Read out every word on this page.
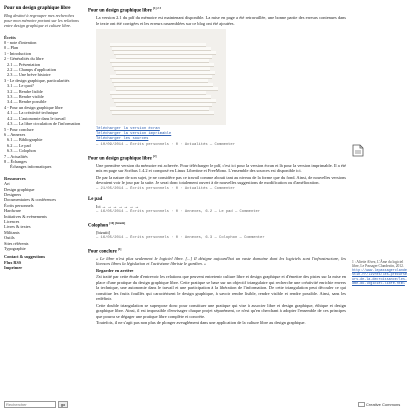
Pour un design graphique libre
Blog destiné à regrouper mes recherches pour mon mémoire portant sur les relations entre design graphique et culture libre.
Écrits
0 - note d'intention
0 – Plan
1 - Introduction
2 - Généralités du libre
2.1 — Présentation
2.2 — Champs d'application
2.3 — Une brève histoire
3 - Le design graphique, particularités
3.1 — Le quoi?
3.2 — Rendre lisible
3.3 — Rendre visible
3.4 — Rendre possible
4 - Pour un design graphique libre
4.1 — La créativité technique
4.2 — L'autonomie dans le travail
4.3 — La libre circulation de l'information
5 - Pour conclure
6 – Annexes
6.1 — Bibliographie
6.2 — Le pad
6.3 — Colophon
7 – Actualités
8 – Échanges
Échanges informatiques
Ressources
Art
Design graphique
Designers
Documentaires & conférences
Écrits personnels
Hardware
Initiatives & evènements
Licences
Livres & textes
Militants
Outils
Sites référents
Typographie
Contact & suggestions
Flux RSS
Imprimer
Rechercher
go
Pour un design graphique libre $^{[1] 2 3}$

La version 2.1 du pdf du mémoire est maintenant disponible. La mise en page a été retravaillée, une bonne partie des erreurs contenues dans le texte ont été corrigées et les erreurs rassemblées sur ce blog ont été ajoutées.

Télécharger la version écran
Télécharger la version imprimable
Télécharger les sources
— 10/09/2014 — Écrits personnels · 0 · Actualités — Commenter
Pour un design graphique libre [2]

Une première version du mémoire est achevée. Pour télécharger le pdf, c'est ici pour la version écran et là pour la version imprimable. Il a été mis en page sur Scribus 1.4.2 et composé en Linux Libertine et FreeMono. L'ensemble des sources est disponible ici.

De par la nature de son sujet, je ne considère pas ce travail comme abouti tant au niveau de la forme que du fond. Ainsi, de nouvelles versions devraient voir le jour par la suite. Je serai donc totalement ouvert à de nouvelles suggestions de modification ou d'amélioration.

— 21/05/2014 — Écrits personnels · 0 · Actualités — Commenter
Le pad

Ici → → → → → → →

— 16/05/2014 — Écrits personnels · 0 · Annexes, 6.2 — Le pad — Commenter
Colophon [10] [bizutit]

[bizutit]

— 16/05/2014 — Écrits personnels · 0 · Annexes, 6.3 — Colophon — Commenter
Pour conclure [1]

« Le libre n'est plus seulement le logiciel libre. [...] Il désigne aujourd'hui un vaste domaine dont les logiciels sont l'infrastructure, les licences libres la législation et l'activisme libriste le gardien. »

Regarder en arrière

J'ai traité par cette étude d'entrevoir les relations que peuvent entretenir culture libre et design graphique et d'émettre des pistes sur la mise en place d'une pratique du design graphique libre. Cette pratique se base sur un objectif triangulaire qui recherche une créativité enrichie envers la technique, une autonomie dans le travail et une participation à la libération de l'information. De cette triangulation peut découler ce qui constitue les fruits fouillés qui caractérisent le design graphique, à savoir rendre lisible, rendre visible et rendre possible. Ainsi, sans les redéfinir.

Cette double triangulation se superpose donc pour constituer une pratique qui vise à associer libre et design graphique, éthique et design graphique libre. Ainsi, il est impossible d'envisager chaque projet séparément, ce n'est qu'en cherchant à adopter l'ensemble de ces principes que pourra se dégager une pratique libre complète et concrète.

Toutefois, il ne s'agit pas non plus de plonger aveuglément dans une application de la culture libre au design graphique.

1 : Aliette Alvez, L'Âme du logiciel libre, Le Passager Clandestin, 2012.
http://www.lepassagerclandestin.fr/livres/les-precurseurs-de-la-decroissance/les-ame-du-logiciel-libre.html
Creative Commons
